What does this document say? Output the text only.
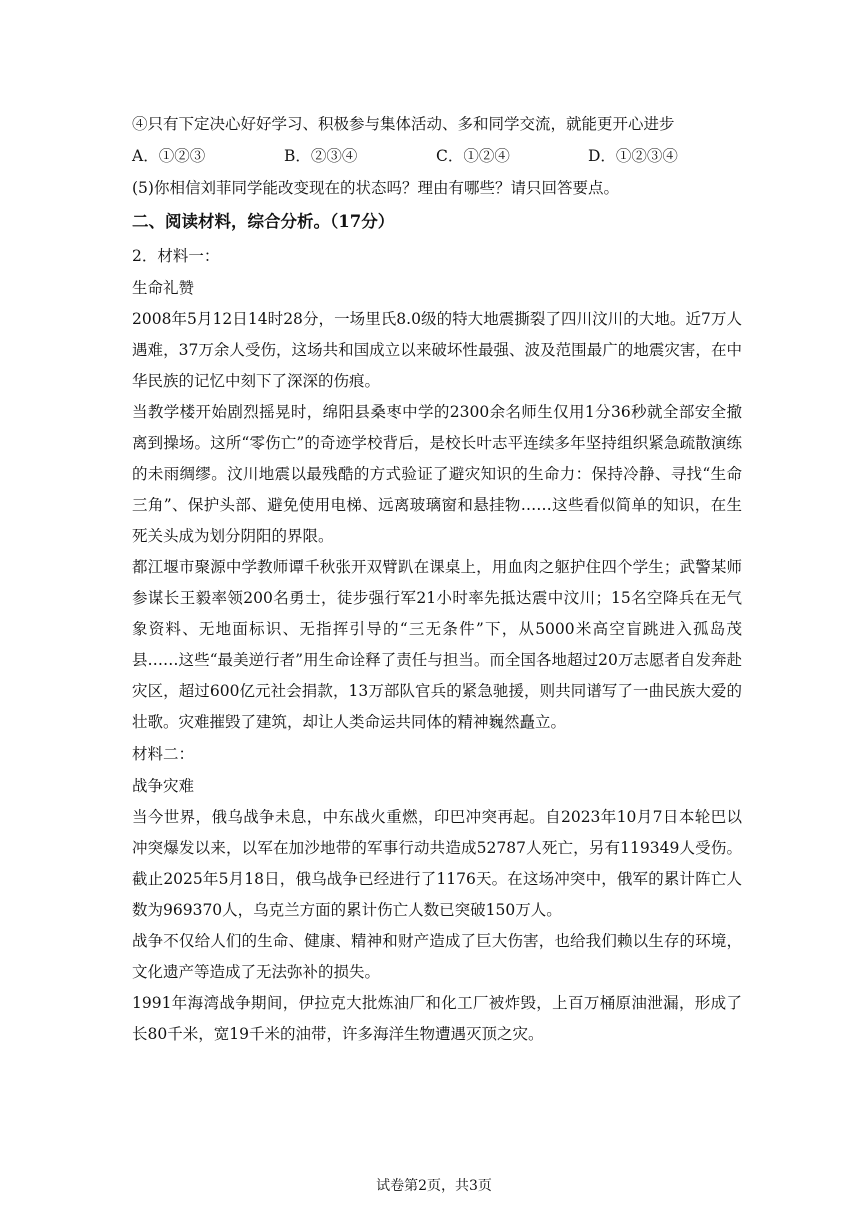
④只有下定决心好好学习、积极参与集体活动、多和同学交流，就能更开心进步

A．①②③	B．②③④	C．①②④	D．①②③④

(5)你相信刘菲同学能改变现在的状态吗？理由有哪些？请只回答要点。

二、阅读材料，综合分析。（17分）

2．材料一：

生命礼赞

2008年5月12日14时28分，一场里氏8.0级的特大地震撕裂了四川汶川的大地。近7万人遇难，37万余人受伤，这场共和国成立以来破坏性最强、波及范围最广的地震灾害，在中华民族的记忆中刻下了深深的伤痕。

当教学楼开始剧烈摇晃时，绵阳县桑枣中学的2300余名师生仅用1分36秒就全部安全撤离到操场。这所“零伤亡”的奇迹学校背后，是校长叶志平连续多年坚持组织紧急疏散演练的未雨绸缪。汶川地震以最残酷的方式验证了避灾知识的生命力：保持冷静、寻找“生命三角”、保护头部、避免使用电梯、远离玻璃窗和悬挂物……这些看似简单的知识，在生死关头成为划分阴阳的界限。

都江堰市聚源中学教师谭千秋张开双臂趴在课桌上，用血肉之躯护住四个学生；武警某师参谋长王毅率领200名勇士，徒步强行军21小时率先抵达震中汶川；15名空降兵在无气象资料、无地面标识、无指挥引导的“三无条件”下，从5000米高空盲跳进入孤岛茂县……这些“最美逆行者”用生命诠释了责任与担当。而全国各地超过20万志愿者自发奔赴灾区，超过600亿元社会捐款，13万部队官兵的紧急驰援，则共同谱写了一曲民族大爱的壮歌。灾难摧毁了建筑，却让人类命运共同体的精神巍然矗立。

材料二：

战争灾难

当今世界，俄乌战争未息，中东战火重燃，印巴冲突再起。自2023年10月7日本轮巴以冲突爆发以来，以军在加沙地带的军事行动共造成52787人死亡，另有119349人受伤。截止2025年5月18日，俄乌战争已经进行了1176天。在这场冲突中，俄军的累计阵亡人数为969370人，乌克兰方面的累计伤亡人数已突破150万人。

战争不仅给人们的生命、健康、精神和财产造成了巨大伤害，也给我们赖以生存的环境，文化遗产等造成了无法弥补的损失。

1991年海湾战争期间，伊拉克大批炼油厂和化工厂被炸毁，上百万桶原油泄漏，形成了长80千米，宽19千米的油带，许多海洋生物遭遇灭顶之灾。

试卷第2页，共3页
